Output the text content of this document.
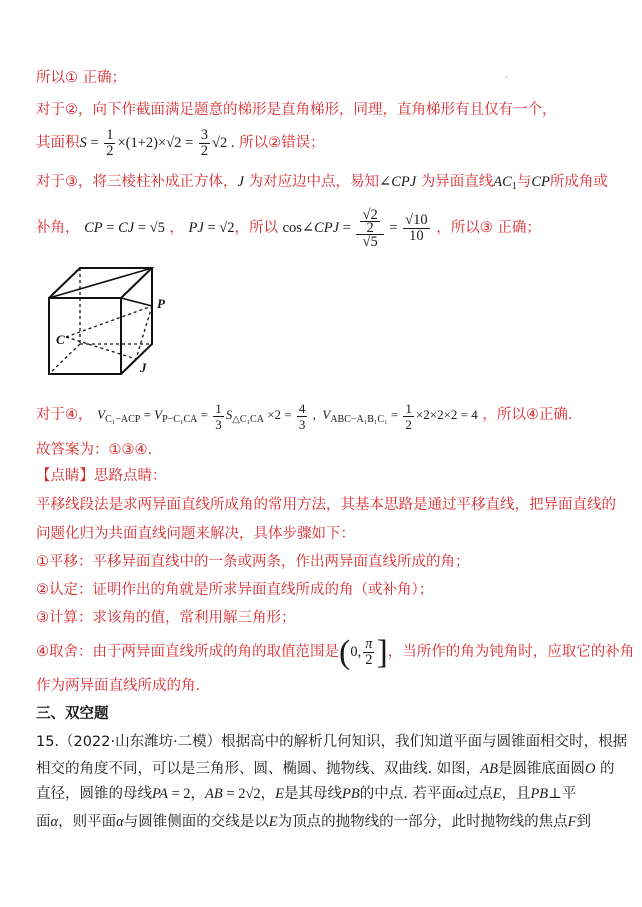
·
所以① 正确；
对于②，向下作截面满足题意的梯形是直角梯形，同理，直角梯形有且仅有一个，
其面积$S = \frac{1}{2} \times(1+2)\times√2 = \frac{3}{2} √2$ . 所以②错误；
对于③，将三棱柱补成正方体，J 为对应边中点，易知∠CPJ 为异面直线$AC_1$与CP所成角或
补角， CP = CJ = √5 ， PJ = √2，所以 cos∠CPJ = $\frac{\frac{√2}{2}}{√5} = \frac{√10}{10}$ ，所以③ 正确；
C
P
J
对于④， $V_{C_1-ACP} = V_{P-C_1CA} = \frac{1}{3} S_{\triangle C_1CA} \times 2 = \frac{4}{3}$ ,  $V_{ABC-A_1B_1C_1} = \frac{1}{2} \times 2\times 2\times 2 = 4$ ，所以④正确.
故答案为：①③④.
【点睛】思路点睛：
平移线段法是求两异面直线所成角的常用方法，其基本思路是通过平移直线，把异面直线的
问题化归为共面直线问题来解决，具体步骤如下：
①平移：平移异面直线中的一条或两条，作出两异面直线所成的角；
②认定：证明作出的角就是所求异面直线所成的角（或补角）；
③计算：求该角的值，常利用解三角形；
④取舍：由于两异面直线所成的角的取值范围是(0, $\frac{\pi}{2}$ ]，当所作的角为钝角时，应取它的补角
作为两异面直线所成的角.
三、双空题
15.（2022·山东潍坊·二模）根据高中的解析几何知识，我们知道平面与圆锥面相交时，根据
相交的角度不同，可以是三角形、圆、椭圆、抛物线、双曲线. 如图，AB是圆锥底面圆O 的
直径，圆锥的母线PA = 2，AB = 2√2，E是其母线PB的中点. 若平面α过点E，且PB⊥平
面α，则平面α与圆锥侧面的交线是以E为顶点的抛物线的一部分，此时抛物线的焦点F到
